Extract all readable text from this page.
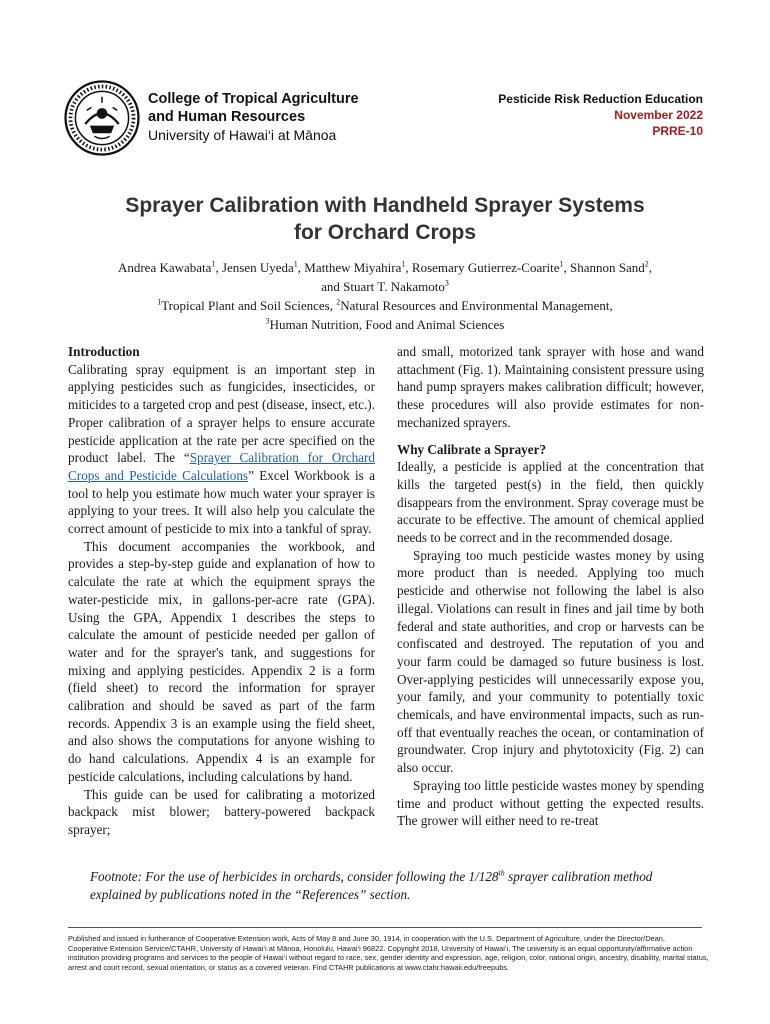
College of Tropical Agriculture
and Human Resources
University of Hawai‘i at Mānoa
Pesticide Risk Reduction Education
November 2022
PRRE-10
Sprayer Calibration with Handheld Sprayer Systems
for Orchard Crops
Andrea Kawabata$^1$, Jensen Uyeda$^1$, Matthew Miyahira$^1$, Rosemary Gutierrez-Coarite$^1$, Shannon Sand$^2$,
and Stuart T. Nakamoto$^3$
$^1$Tropical Plant and Soil Sciences, $^2$Natural Resources and Environmental Management,
$^3$Human Nutrition, Food and Animal Sciences
Introduction

Calibrating spray equipment is an important step in applying pesticides such as fungicides, insecticides, or miticides to a targeted crop and pest (disease, insect, etc.). Proper calibration of a sprayer helps to ensure accurate pesticide application at the rate per acre specified on the product label. The “Sprayer Calibration for Orchard Crops and Pesticide Calculations” Excel Workbook is a tool to help you estimate how much water your sprayer is applying to your trees. It will also help you calculate the correct amount of pesticide to mix into a tankful of spray.

This document accompanies the workbook, and provides a step-by-step guide and explanation of how to calculate the rate at which the equipment sprays the water-pesticide mix, in gallons-per-acre rate (GPA). Using the GPA, Appendix 1 describes the steps to calculate the amount of pesticide needed per gallon of water and for the sprayer's tank, and suggestions for mixing and applying pesticides. Appendix 2 is a form (field sheet) to record the information for sprayer calibration and should be saved as part of the farm records. Appendix 3 is an example using the field sheet, and also shows the computations for anyone wishing to do hand calculations. Appendix 4 is an example for pesticide calculations, including calculations by hand.

This guide can be used for calibrating a motorized backpack mist blower; battery-powered backpack sprayer;

and small, motorized tank sprayer with hose and wand attachment (Fig. 1). Maintaining consistent pressure using hand pump sprayers makes calibration difficult; however, these procedures will also provide estimates for non-mechanized sprayers.

Why Calibrate a Sprayer?

Ideally, a pesticide is applied at the concentration that kills the targeted pest(s) in the field, then quickly disappears from the environment. Spray coverage must be accurate to be effective. The amount of chemical applied needs to be correct and in the recommended dosage.

Spraying too much pesticide wastes money by using more product than is needed. Applying too much pesticide and otherwise not following the label is also illegal. Violations can result in fines and jail time by both federal and state authorities, and crop or harvests can be confiscated and destroyed. The reputation of you and your farm could be damaged so future business is lost. Over-applying pesticides will unnecessarily expose you, your family, and your community to potentially toxic chemicals, and have environmental impacts, such as run-off that eventually reaches the ocean, or contamination of groundwater. Crop injury and phytotoxicity (Fig. 2) can also occur.

Spraying too little pesticide wastes money by spending time and product without getting the expected results. The grower will either need to re-treat

Footnote: For the use of herbicides in orchards, consider following the 1/128th sprayer calibration method explained by publications noted in the “References” section.
Published and issued in furtherance of Cooperative Extension work, Acts of May 8 and June 30, 1914, in cooperation with the U.S. Department of Agriculture, under the Director/Dean,
Cooperative Extension Service/CTAHR, University of Hawai‘i at Mānoa, Honolulu, Hawai‘i 96822. Copyright 2018, University of Hawai‘i. The university is an equal opportunity/affirmative action
institution providing programs and services to the people of Hawai‘i without regard to race, sex, gender identity and expression, age, religion, color, national origin, ancestry, disability, marital status,
arrest and court record, sexual orientation, or status as a covered veteran. Find CTAHR publications at www.ctahr.hawaii.edu/freepubs.
